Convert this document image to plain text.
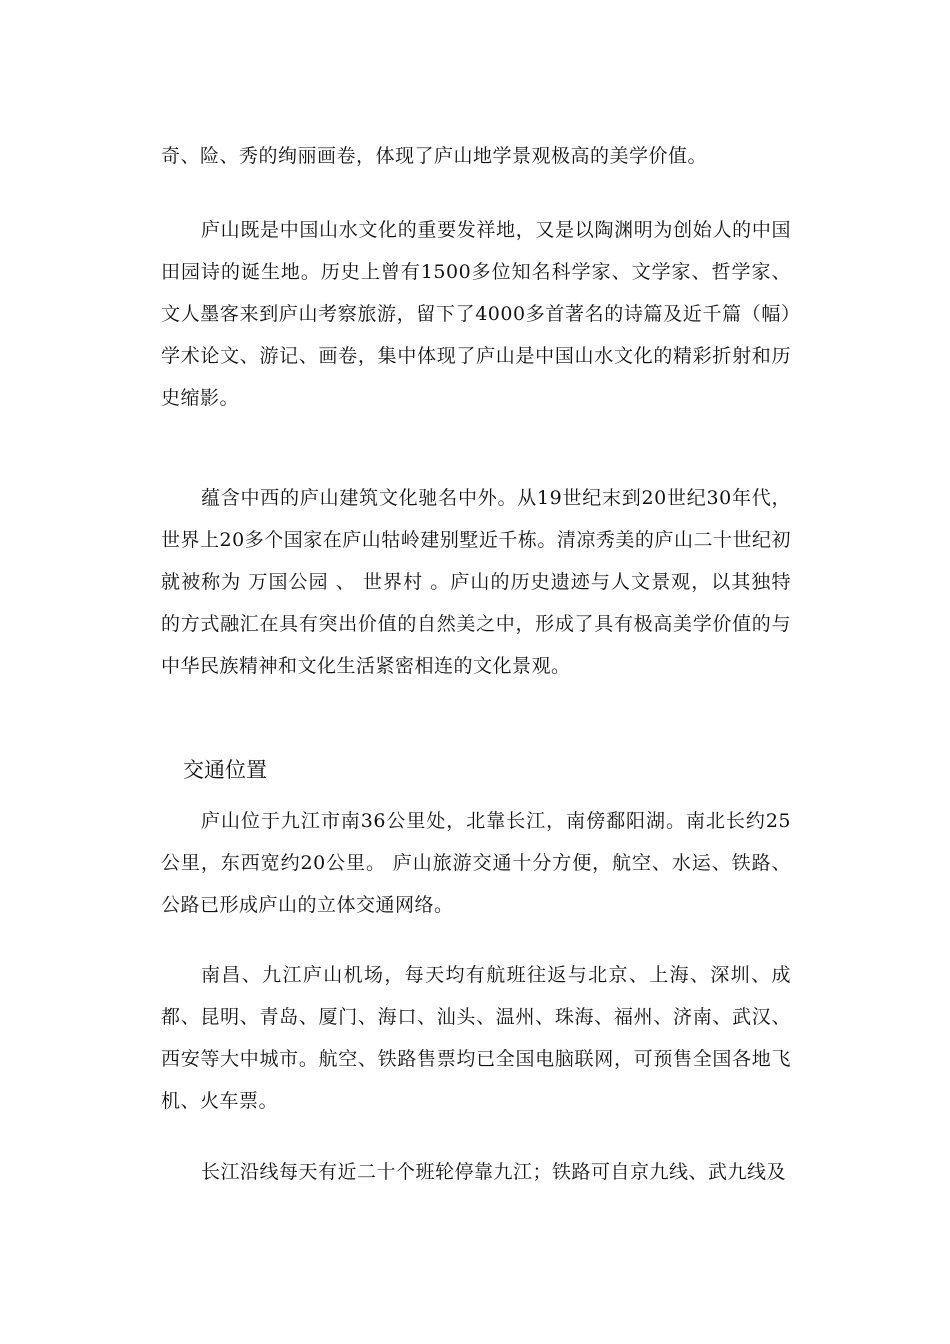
奇、险、秀的绚丽画卷，体现了庐山地学景观极高的美学价值。

庐山既是中国山水文化的重要发祥地，又是以陶渊明为创始人的中国田园诗的诞生地。历史上曾有1500多位知名科学家、文学家、哲学家、文人墨客来到庐山考察旅游，留下了4000多首著名的诗篇及近千篇（幅）学术论文、游记、画卷，集中体现了庐山是中国山水文化的精彩折射和历史缩影。

蕴含中西的庐山建筑文化驰名中外。从19世纪末到20世纪30年代，世界上20多个国家在庐山牯岭建别墅近千栋。清凉秀美的庐山二十世纪初就被称为 万国公园 、 世界村 。庐山的历史遗迹与人文景观，以其独特的方式融汇在具有突出价值的自然美之中，形成了具有极高美学价值的与中华民族精神和文化生活紧密相连的文化景观。

交通位置

庐山位于九江市南36公里处，北靠长江，南傍鄱阳湖。南北长约25公里，东西宽约20公里。 庐山旅游交通十分方便，航空、水运、铁路、公路已形成庐山的立体交通网络。

南昌、九江庐山机场，每天均有航班往返与北京、上海、深圳、成都、昆明、青岛、厦门、海口、汕头、温州、珠海、福州、济南、武汉、西安等大中城市。航空、铁路售票均已全国电脑联网，可预售全国各地飞机、火车票。

长江沿线每天有近二十个班轮停靠九江；铁路可自京九线、武九线及
